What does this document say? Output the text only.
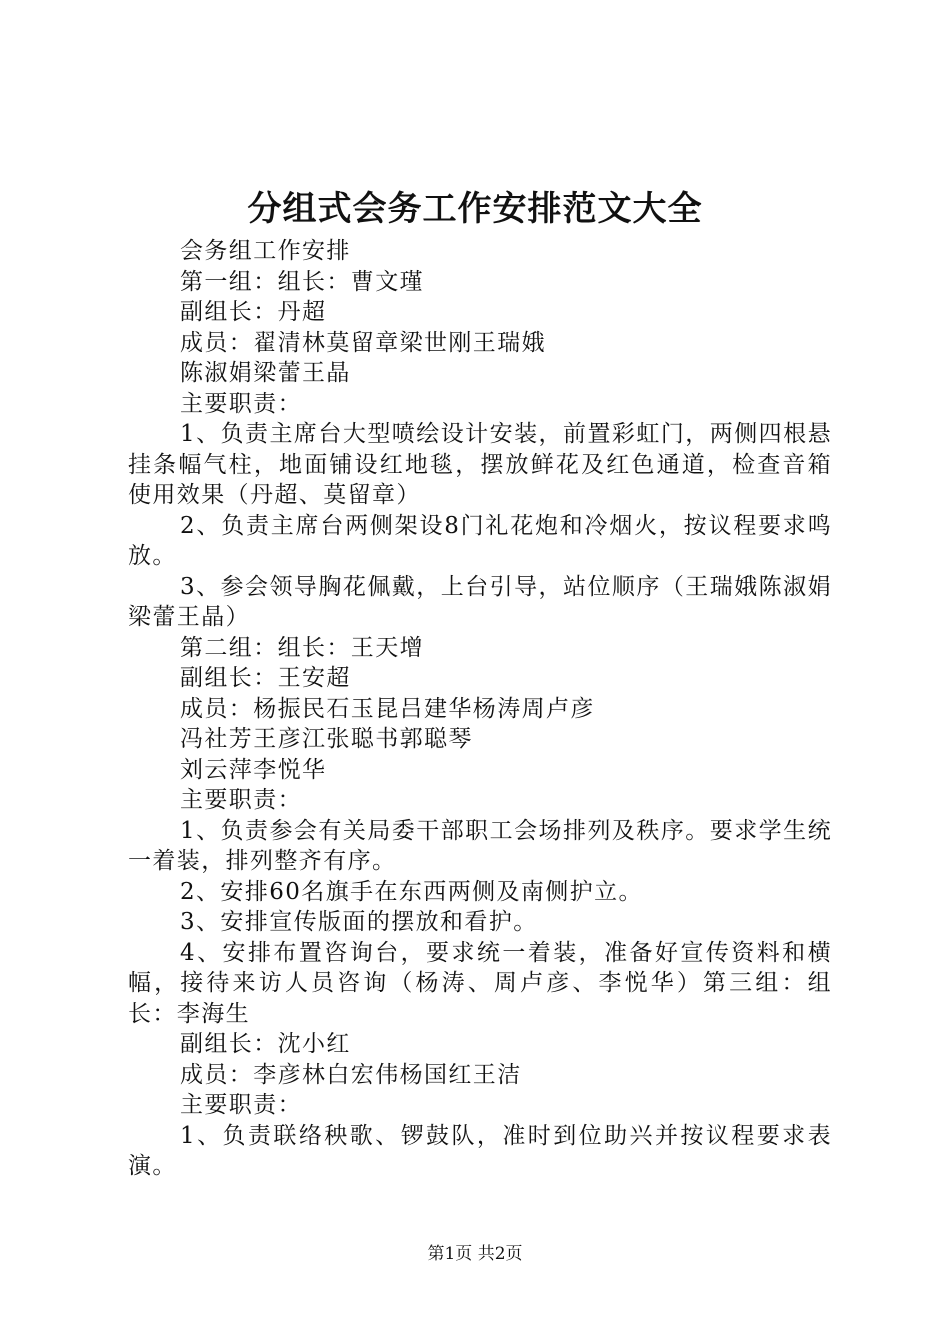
分组式会务工作安排范文大全
会务组工作安排
第一组：组长：曹文瑾
副组长：丹超
成员：翟清林莫留章梁世刚王瑞娥
陈淑娟梁蕾王晶
主要职责：
1、负责主席台大型喷绘设计安装，前置彩虹门，两侧四根悬挂条幅气柱，地面铺设红地毯，摆放鲜花及红色通道，检查音箱使用效果（丹超、莫留章）
2、负责主席台两侧架设8门礼花炮和冷烟火，按议程要求鸣放。
3、参会领导胸花佩戴，上台引导，站位顺序（王瑞娥陈淑娟梁蕾王晶）
第二组：组长：王天增
副组长：王安超
成员：杨振民石玉昆吕建华杨涛周卢彦
冯社芳王彦江张聪书郭聪琴
刘云萍李悦华
主要职责：
1、负责参会有关局委干部职工会场排列及秩序。要求学生统一着装，排列整齐有序。
2、安排60名旗手在东西两侧及南侧护立。
3、安排宣传版面的摆放和看护。
4、安排布置咨询台，要求统一着装，准备好宣传资料和横幅，接待来访人员咨询（杨涛、周卢彦、李悦华）第三组：组长：李海生
副组长：沈小红
成员：李彦林白宏伟杨国红王洁
主要职责：
1、负责联络秧歌、锣鼓队，准时到位助兴并按议程要求表演。
第1页 共2页
